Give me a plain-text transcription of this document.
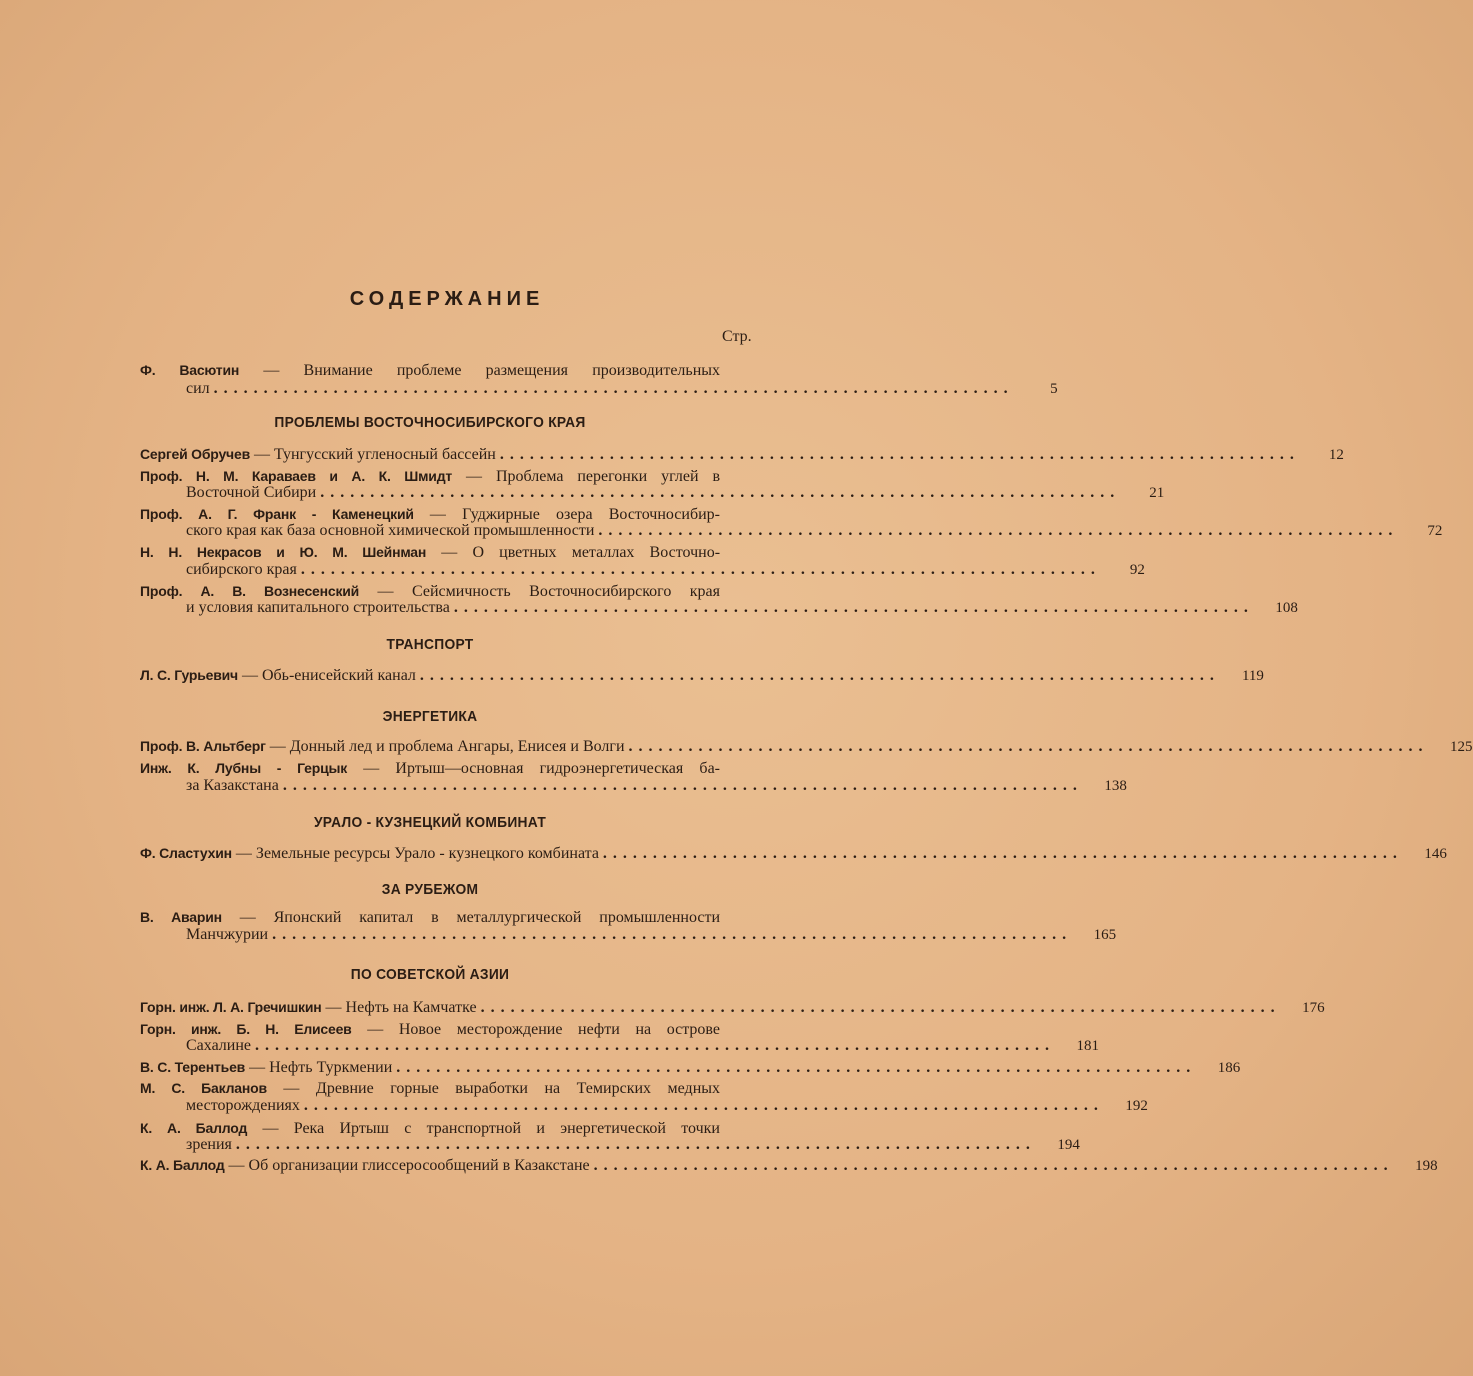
СОДЕРЖАНИЕ
Стр.
Ф. Васютин — Внимание проблеме размещения производительных
сил ................................................................................	5
ПРОБЛЕМЫ ВОСТОЧНОСИБИРСКОГО КРАЯ
Сергей Обручев — Тунгусский угленосный бассейн ................................................................................	12
Проф. Н. М. Караваев и А. К. Шмидт — Проблема перегонки углей в
Восточной Сибири ................................................................................	21
Проф. А. Г. Франк - Каменецкий — Гуджирные озера Восточносибир-
ского края как база основной химической промышленности ................................................................................	72
Н. Н. Некрасов и Ю. М. Шейнман — О цветных металлах Восточно-
сибирского края ................................................................................	92
Проф. А. В. Вознесенский — Сейсмичность Восточносибирского края
и условия капитального строительства ................................................................................	108
ТРАНСПОРТ
Л. С. Гурьевич — Обь-енисейский канал ................................................................................	119
ЭНЕРГЕТИКА
Проф. В. Альтберг — Донный лед и проблема Ангары, Енисея и Волги ................................................................................	125
Инж. К. Лубны - Герцык — Иртыш—основная гидроэнергетическая ба-
за Казакстана ................................................................................	138
УРАЛО - КУЗНЕЦКИЙ КОМБИНАТ
Ф. Сластухин — Земельные ресурсы Урало - кузнецкого комбината ................................................................................	146
ЗА РУБЕЖОМ
В. Аварин — Японский капитал в металлургической промышленности
Манчжурии ................................................................................	165
ПО СОВЕТСКОЙ АЗИИ
Горн. инж. Л. А. Гречишкин — Нефть на Камчатке ................................................................................	176
Горн. инж. Б. Н. Елисеев — Новое месторождение нефти на острове
Сахалине ................................................................................	181
В. С. Терентьев — Нефть Туркмении ................................................................................	186
М. С. Бакланов — Древние горные выработки на Темирских медных
месторождениях ................................................................................	192
К. А. Баллод — Река Иртыш с транспортной и энергетической точки
зрения ................................................................................	194
К. А. Баллод — Об организации глиссеросообщений в Казакстане ................................................................................	198
